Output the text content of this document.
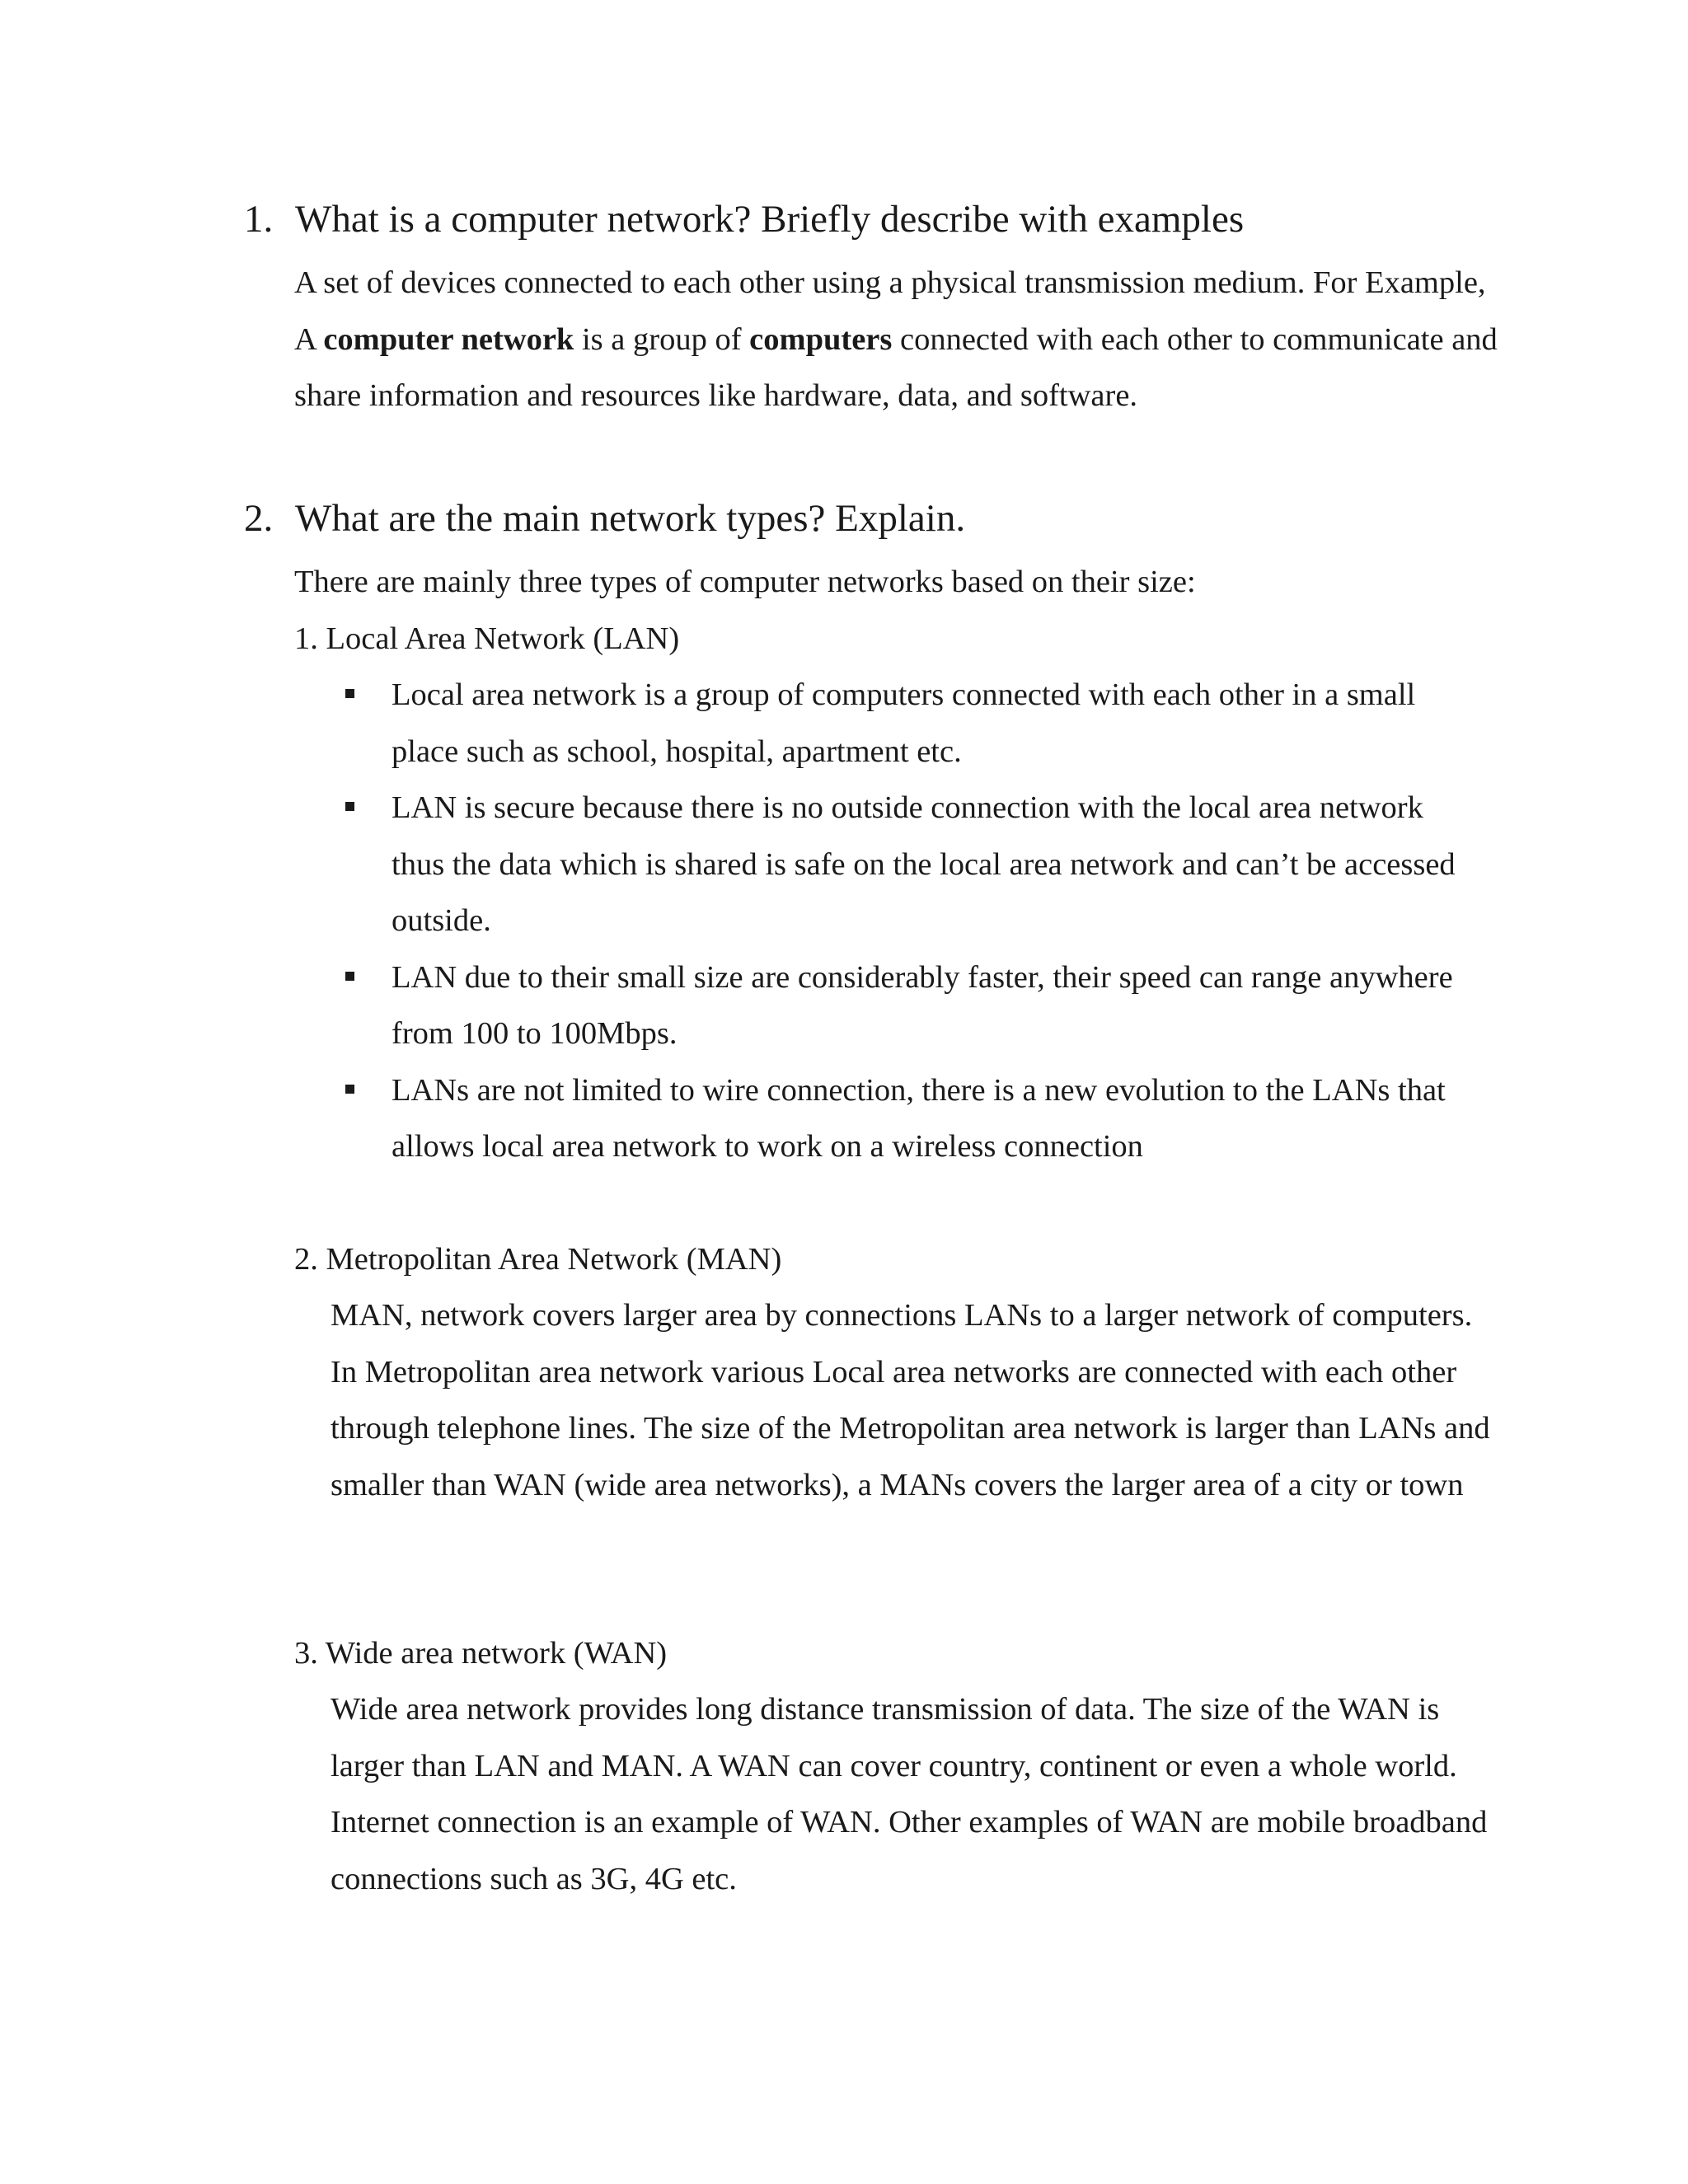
1. What is a computer network? Briefly describe with examples
A set of devices connected to each other using a physical transmission medium. For Example, A computer network is a group of computers connected with each other to communicate and share information and resources like hardware, data, and software.
2. What are the main network types? Explain.
There are mainly three types of computer networks based on their size:
1. Local Area Network (LAN)
Local area network is a group of computers connected with each other in a small place such as school, hospital, apartment etc.
LAN is secure because there is no outside connection with the local area network thus the data which is shared is safe on the local area network and can’t be accessed outside.
LAN due to their small size are considerably faster, their speed can range anywhere from 100 to 100Mbps.
LANs are not limited to wire connection, there is a new evolution to the LANs that allows local area network to work on a wireless connection
2. Metropolitan Area Network (MAN)
MAN, network covers larger area by connections LANs to a larger network of computers. In Metropolitan area network various Local area networks are connected with each other through telephone lines. The size of the Metropolitan area network is larger than LANs and smaller than WAN (wide area networks), a MANs covers the larger area of a city or town
3. Wide area network (WAN)
Wide area network provides long distance transmission of data. The size of the WAN is larger than LAN and MAN. A WAN can cover country, continent or even a whole world. Internet connection is an example of WAN. Other examples of WAN are mobile broadband connections such as 3G, 4G etc.
